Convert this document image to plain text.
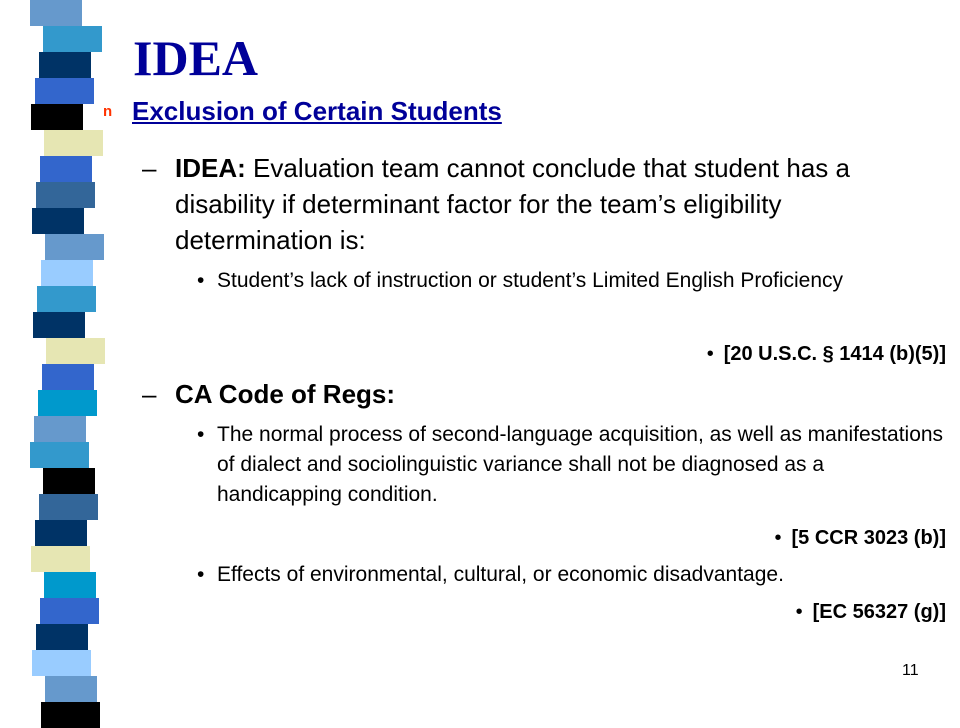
IDEA
n Exclusion of Certain Students
– IDEA: Evaluation team cannot conclude that student has a disability if determinant factor for the team’s eligibility determination is:
• Student’s lack of instruction or student’s Limited English Proficiency
• [20 U.S.C. § 1414 (b)(5)]
– CA Code of Regs:
• The normal process of second-language acquisition, as well as manifestations of dialect and sociolinguistic variance shall not be diagnosed as a handicapping condition.
• [5 CCR 3023 (b)]
• Effects of environmental, cultural, or economic disadvantage.
• [EC 56327 (g)]
11
